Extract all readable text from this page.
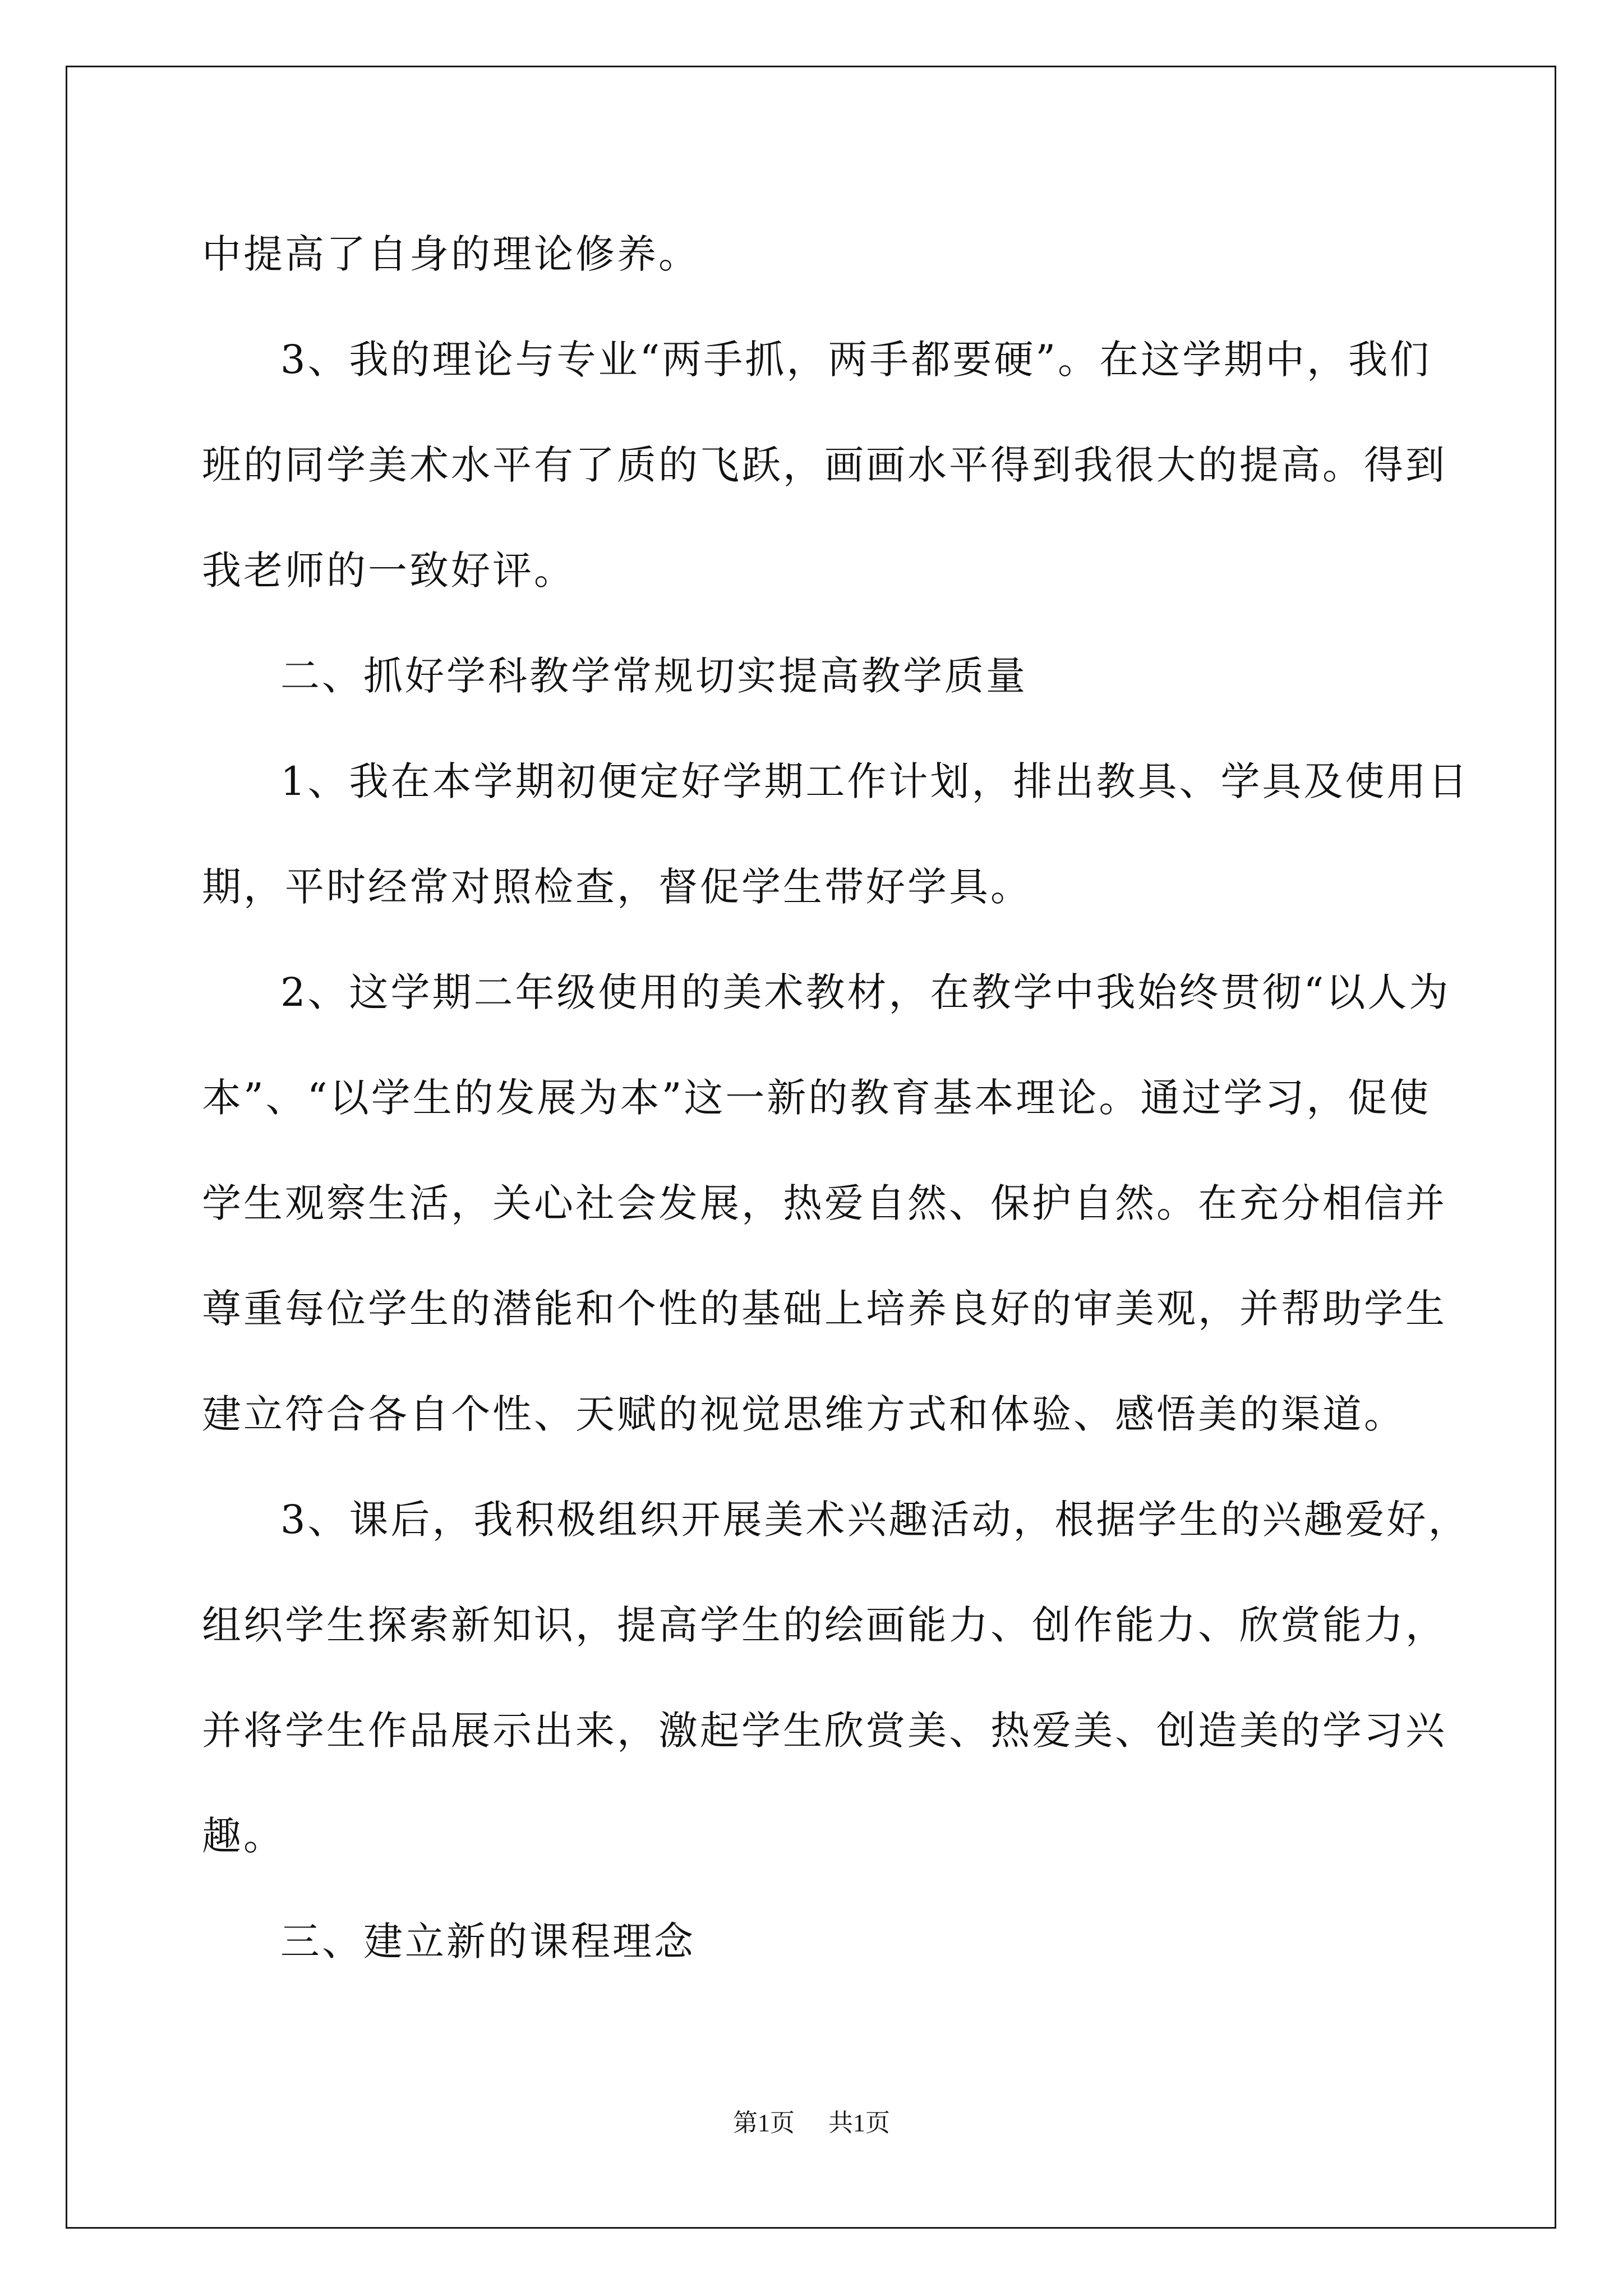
中提高了自身的理论修养。
3、我的理论与专业“两手抓，两手都要硬”。在这学期中，我们
班的同学美术水平有了质的飞跃，画画水平得到我很大的提高。得到
我老师的一致好评。
二、抓好学科教学常规切实提高教学质量
1、我在本学期初便定好学期工作计划，排出教具、学具及使用日
期，平时经常对照检查，督促学生带好学具。
2、这学期二年级使用的美术教材，在教学中我始终贯彻“以人为
本”、“以学生的发展为本”这一新的教育基本理论。通过学习，促使
学生观察生活，关心社会发展，热爱自然、保护自然。在充分相信并
尊重每位学生的潜能和个性的基础上培养良好的审美观，并帮助学生
建立符合各自个性、天赋的视觉思维方式和体验、感悟美的渠道。
3、课后，我积极组织开展美术兴趣活动，根据学生的兴趣爱好，
组织学生探索新知识，提高学生的绘画能力、创作能力、欣赏能力，
并将学生作品展示出来，激起学生欣赏美、热爱美、创造美的学习兴
趣。
三、建立新的课程理念
第1页 共1页
